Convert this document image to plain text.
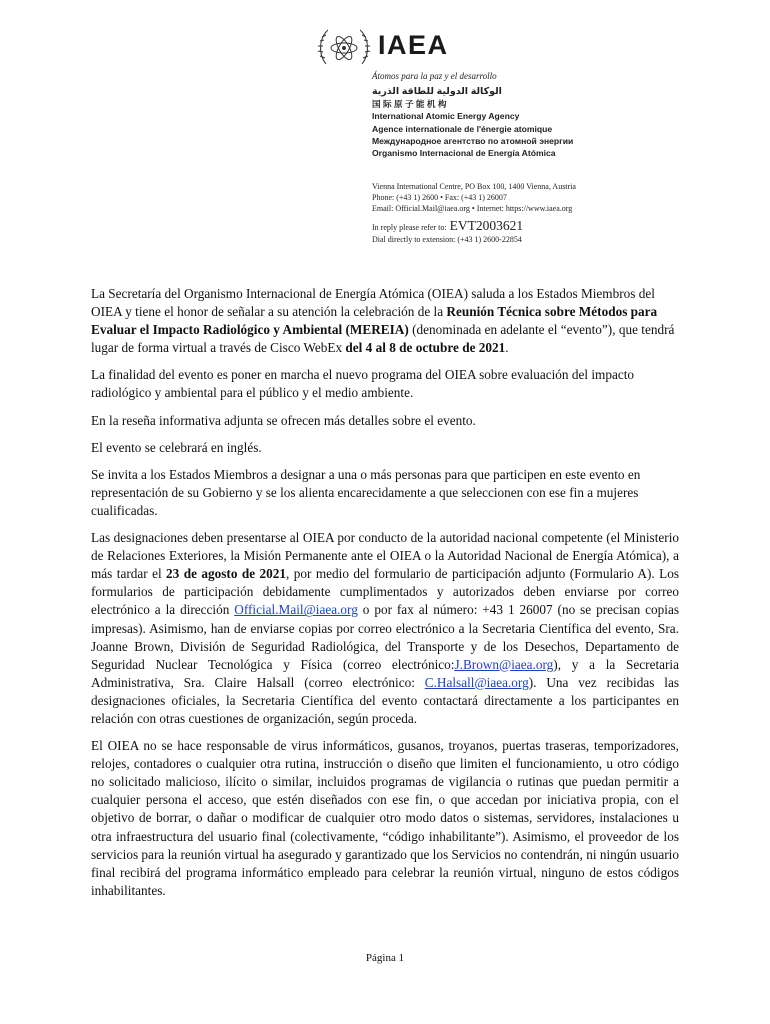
IAEA
Átomos para la paz y el desarrollo
الوكالة الدولية للطاقة الذرية
国 际 原 子 能 机 构
International Atomic Energy Agency
Agence internationale de l'énergie atomique
Международное агентство по атомной энергии
Organismo Internacional de Energía Atómica
Vienna International Centre, PO Box 100, 1400 Vienna, Austria
Phone: (+43 1) 2600 • Fax: (+43 1) 26007
Email: Official.Mail@iaea.org • Internet: https://www.iaea.org
In reply please refer to: EVT2003621
Dial directly to extension: (+43 1) 2600-22854

La Secretaría del Organismo Internacional de Energía Atómica (OIEA) saluda a los Estados Miembros del OIEA y tiene el honor de señalar a su atención la celebración de la Reunión Técnica sobre Métodos para Evaluar el Impacto Radiológico y Ambiental (MEREIA) (denominada en adelante el “evento”), que tendrá lugar de forma virtual a través de Cisco WebEx del 4 al 8 de octubre de 2021.

La finalidad del evento es poner en marcha el nuevo programa del OIEA sobre evaluación del impacto radiológico y ambiental para el público y el medio ambiente.

En la reseña informativa adjunta se ofrecen más detalles sobre el evento.

El evento se celebrará en inglés.

Se invita a los Estados Miembros a designar a una o más personas para que participen en este evento en representación de su Gobierno y se los alienta encarecidamente a que seleccionen con ese fin a mujeres cualificadas.

Las designaciones deben presentarse al OIEA por conducto de la autoridad nacional competente (el Ministerio de Relaciones Exteriores, la Misión Permanente ante el OIEA o la Autoridad Nacional de Energía Atómica), a más tardar el 23 de agosto de 2021, por medio del formulario de participación adjunto (Formulario A). Los formularios de participación debidamente cumplimentados y autorizados deben enviarse por correo electrónico a la dirección Official.Mail@iaea.org o por fax al número: +43 1 26007 (no se precisan copias impresas). Asimismo, han de enviarse copias por correo electrónico a la Secretaria Científica del evento, Sra. Joanne Brown, División de Seguridad Radiológica, del Transporte y de los Desechos, Departamento de Seguridad Nuclear Tecnológica y Física (correo electrónico:J.Brown@iaea.org), y a la Secretaria Administrativa, Sra. Claire Halsall (correo electrónico: C.Halsall@iaea.org). Una vez recibidas las designaciones oficiales, la Secretaria Científica del evento contactará directamente a los participantes en relación con otras cuestiones de organización, según proceda.

El OIEA no se hace responsable de virus informáticos, gusanos, troyanos, puertas traseras, temporizadores, relojes, contadores o cualquier otra rutina, instrucción o diseño que limiten el funcionamiento, u otro código no solicitado malicioso, ilícito o similar, incluidos programas de vigilancia o rutinas que puedan permitir a cualquier persona el acceso, que estén diseñados con ese fin, o que accedan por iniciativa propia, con el objetivo de borrar, o dañar o modificar de cualquier otro modo datos o sistemas, servidores, instalaciones u otra infraestructura del usuario final (colectivamente, “código inhabilitante”). Asimismo, el proveedor de los servicios para la reunión virtual ha asegurado y garantizado que los Servicios no contendrán, ni ningún usuario final recibirá del programa informático empleado para celebrar la reunión virtual, ninguno de estos códigos inhabilitantes.

Página 1
